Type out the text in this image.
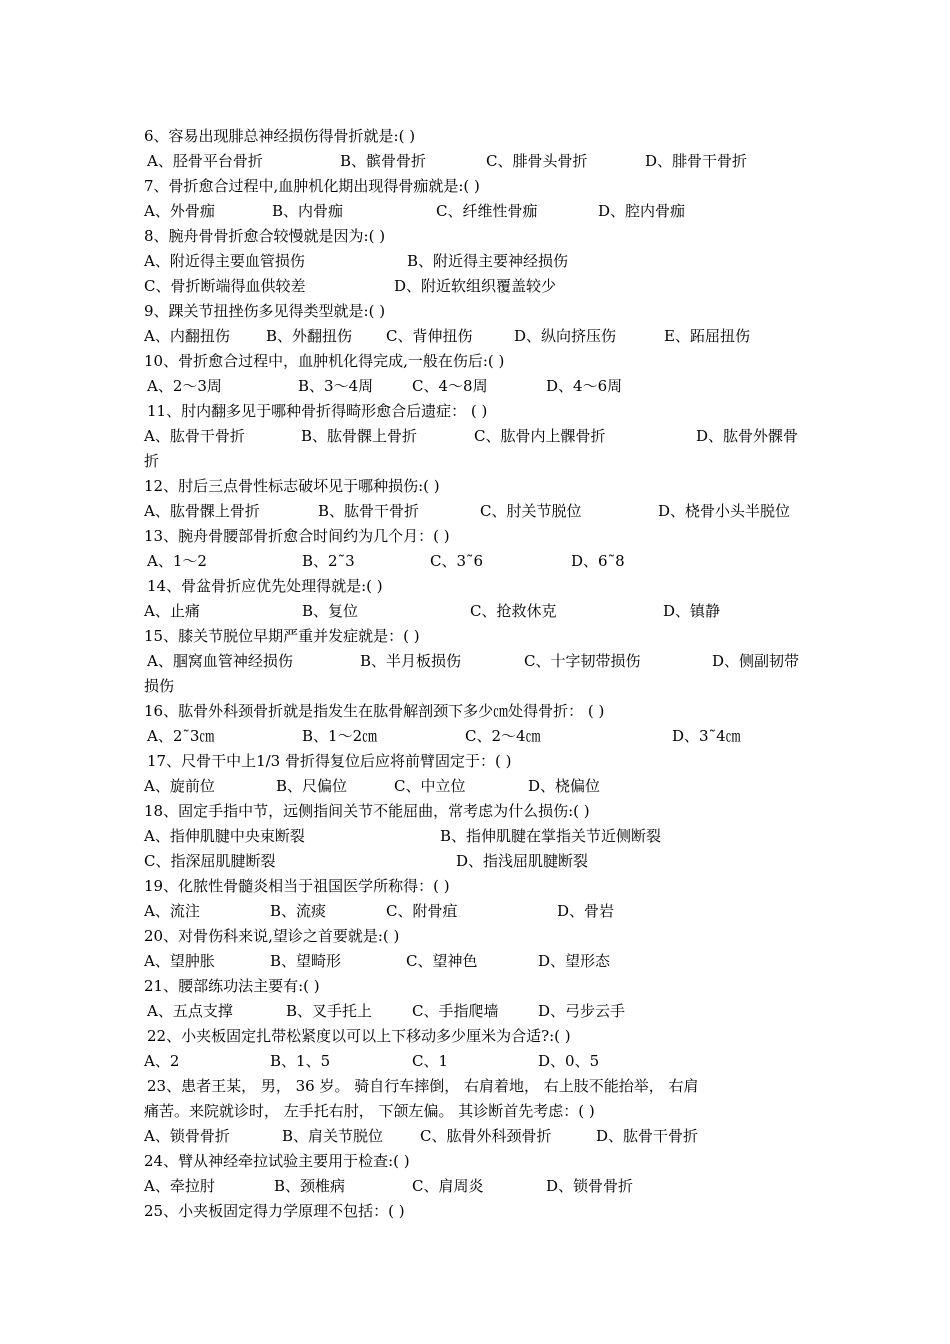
6、容易出现腓总神经损伤得骨折就是:( )
A、胫骨平台骨折	B、髌骨骨折	C、腓骨头骨折	D、腓骨干骨折
7、骨折愈合过程中,血肿机化期出现得骨痂就是:( )
A、外骨痂	B、内骨痂	C、纤维性骨痂	D、腔内骨痂
8、腕舟骨骨折愈合较慢就是因为:( )
A、附近得主要血管损伤	B、附近得主要神经损伤
C、骨折断端得血供较差	D、附近软组织覆盖较少
9、踝关节扭挫伤多见得类型就是:( )
A、内翻扭伤 B、外翻扭伤 C、背伸扭伤	D、纵向挤压伤	E、跖屈扭伤
10、骨折愈合过程中，血肿机化得完成,一般在伤后:( )
A、2～3周	B、3～4周	C、4～8周	D、4～6周
11、肘内翻多见于哪种骨折得畸形愈合后遗症： ( )
A、肱骨干骨折	B、肱骨髁上骨折	C、肱骨内上髁骨折	D、肱骨外髁骨
折
12、肘后三点骨性标志破坏见于哪种损伤:( )
A、肱骨髁上骨折	B、肱骨干骨折	C、肘关节脱位	D、桡骨小头半脱位
13、腕舟骨腰部骨折愈合时间约为几个月：( )
A、1～2	B、2˜3	C、3˜6	D、6˜8
14、骨盆骨折应优先处理得就是:( )
A、止痛	B、复位	C、抢救休克	D、镇静
15、膝关节脱位早期严重并发症就是：( )
A、腘窝血管神经损伤	B、半月板损伤	C、十字韧带损伤	D、侧副韧带
损伤
16、肱骨外科颈骨折就是指发生在肱骨解剖颈下多少㎝处得骨折： ( )
A、2˜3㎝	B、1～2㎝	C、2～4㎝	D、3˜4㎝
17、尺骨干中上1/3 骨折得复位后应将前臂固定于：( )
A、旋前位	B、尺偏位	C、中立位	D、桡偏位
18、固定手指中节，远侧指间关节不能屈曲，常考虑为什么损伤:( )
A、指伸肌腱中央束断裂	B、指伸肌腱在掌指关节近侧断裂
C、指深屈肌腱断裂	D、指浅屈肌腱断裂
19、化脓性骨髓炎相当于祖国医学所称得：( )
A、流注	B、流痰	C、附骨疽	D、骨岩
20、对骨伤科来说,望诊之首要就是:( )
A、望肿胀	B、望畸形	C、望神色	D、望形态
21、腰部练功法主要有:( )
A、五点支撑	B、叉手托上	C、手指爬墙	D、弓步云手
22、小夹板固定扎带松紧度以可以上下移动多少厘米为合适?:( )
A、2	B、1、5	C、1	D、0、5
23、患者王某， 男， 36 岁。 骑自行车摔倒， 右肩着地， 右上肢不能抬举， 右肩
痛苦。来院就诊时， 左手托右肘， 下颌左偏。 其诊断首先考虑：( )
A、锁骨骨折	B、肩关节脱位 C、肱骨外科颈骨折	D、肱骨干骨折
24、臂从神经牵拉试验主要用于检查:( )
A、牵拉肘	B、颈椎病	C、肩周炎	D、锁骨骨折
25、小夹板固定得力学原理不包括：( )
